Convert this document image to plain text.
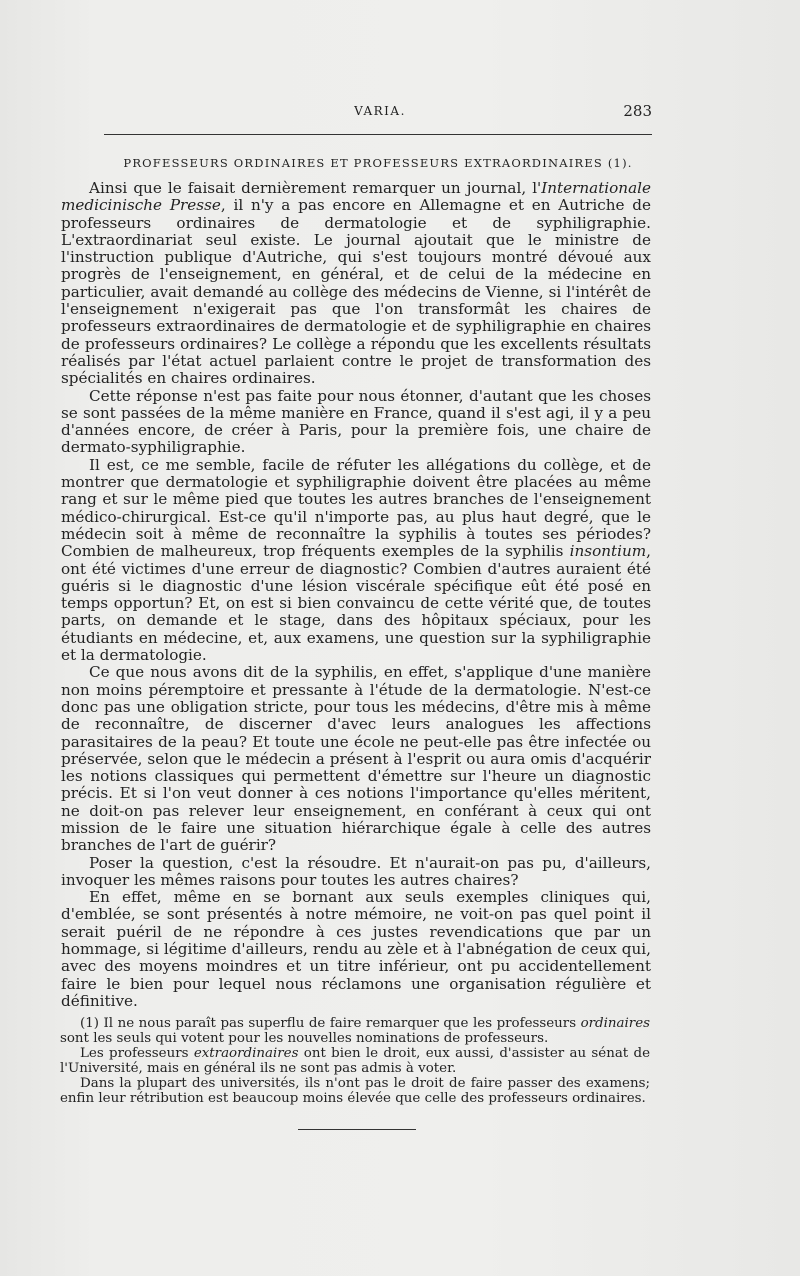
VARIA.	283
PROFESSEURS ORDINAIRES ET PROFESSEURS EXTRAORDINAIRES (1).

Ainsi que le faisait dernièrement remarquer un journal, l'Internationale medicinische Presse, il n'y a pas encore en Allemagne et en Autriche de professeurs ordinaires de dermatologie et de syphiligraphie. L'extraordinariat seul existe. Le journal ajoutait que le ministre de l'instruction publique d'Autriche, qui s'est toujours montré dévoué aux progrès de l'enseignement, en général, et de celui de la médecine en particulier, avait demandé au collège des médecins de Vienne, si l'intérêt de l'enseignement n'exigerait pas que l'on transformât les chaires de professeurs extraordinaires de dermatologie et de syphiligraphie en chaires de professeurs ordinaires? Le collège a répondu que les excellents résultats réalisés par l'état actuel parlaient contre le projet de transformation des spécialités en chaires ordinaires.

Cette réponse n'est pas faite pour nous étonner, d'autant que les choses se sont passées de la même manière en France, quand il s'est agi, il y a peu d'années encore, de créer à Paris, pour la première fois, une chaire de dermato-syphiligraphie.

Il est, ce me semble, facile de réfuter les allégations du collège, et de montrer que dermatologie et syphiligraphie doivent être placées au même rang et sur le même pied que toutes les autres branches de l'enseignement médico-chirurgical. Est-ce qu'il n'importe pas, au plus haut degré, que le médecin soit à même de reconnaître la syphilis à toutes ses périodes? Combien de malheureux, trop fréquents exemples de la syphilis insontium, ont été victimes d'une erreur de diagnostic? Combien d'autres auraient été guéris si le diagnostic d'une lésion viscérale spécifique eût été posé en temps opportun? Et, on est si bien convaincu de cette vérité que, de toutes parts, on demande et le stage, dans des hôpitaux spéciaux, pour les étudiants en médecine, et, aux examens, une question sur la syphiligraphie et la dermatologie.

Ce que nous avons dit de la syphilis, en effet, s'applique d'une manière non moins péremptoire et pressante à l'étude de la dermatologie. N'est-ce donc pas une obligation stricte, pour tous les médecins, d'être mis à même de reconnaître, de discerner d'avec leurs analogues les affections parasitaires de la peau? Et toute une école ne peut-elle pas être infectée ou préservée, selon que le médecin a présent à l'esprit ou aura omis d'acquérir les notions classiques qui permettent d'émettre sur l'heure un diagnostic précis. Et si l'on veut donner à ces notions l'importance qu'elles méritent, ne doit-on pas relever leur enseignement, en conférant à ceux qui ont mission de le faire une situation hiérarchique égale à celle des autres branches de l'art de guérir?

Poser la question, c'est la résoudre. Et n'aurait-on pas pu, d'ailleurs, invoquer les mêmes raisons pour toutes les autres chaires?

En effet, même en se bornant aux seuls exemples cliniques qui, d'emblée, se sont présentés à notre mémoire, ne voit-on pas quel point il serait puéril de ne répondre à ces justes revendications que par un hommage, si légitime d'ailleurs, rendu au zèle et à l'abnégation de ceux qui, avec des moyens moindres et un titre inférieur, ont pu accidentellement faire le bien pour lequel nous réclamons une organisation régulière et définitive.

(1) Il ne nous paraît pas superflu de faire remarquer que les professeurs ordinaires sont les seuls qui votent pour les nouvelles nominations de professeurs.

Les professeurs extraordinaires ont bien le droit, eux aussi, d'assister au sénat de l'Université, mais en général ils ne sont pas admis à voter.

Dans la plupart des universités, ils n'ont pas le droit de faire passer des examens; enfin leur rétribution est beaucoup moins élevée que celle des professeurs ordinaires.
